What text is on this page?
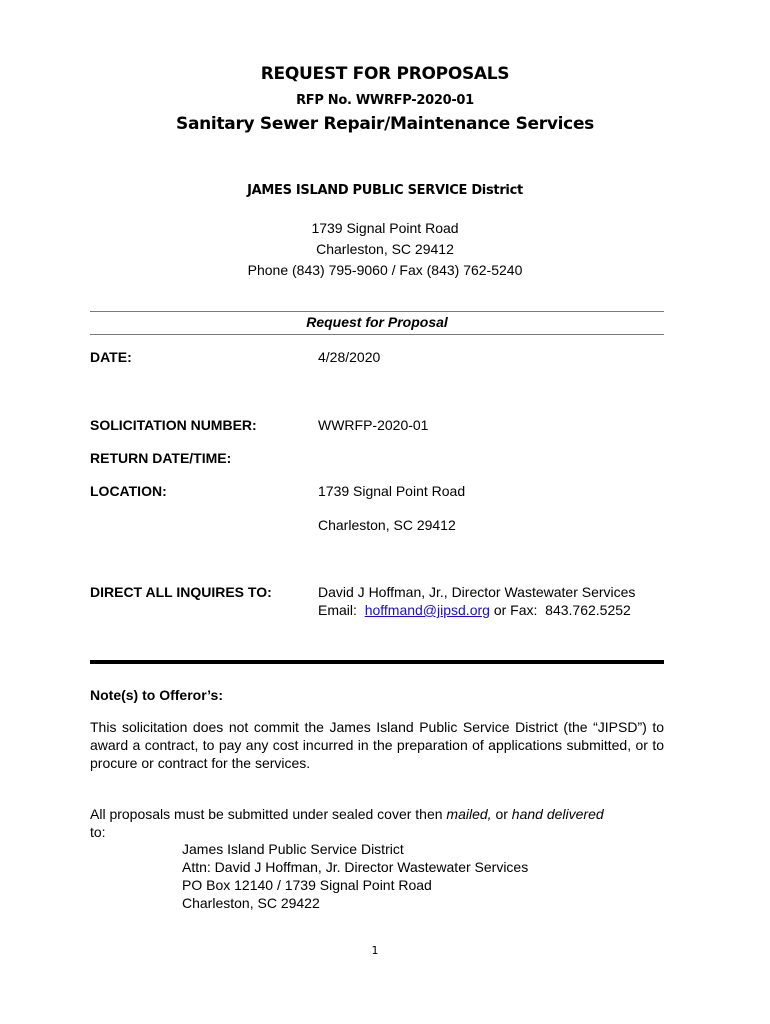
REQUEST FOR PROPOSALS
RFP No. WWRFP-2020-01
Sanitary Sewer Repair/Maintenance Services
JAMES ISLAND PUBLIC SERVICE District
1739 Signal Point Road
Charleston, SC 29412
Phone (843) 795-9060 / Fax (843) 762-5240
Request for Proposal
DATE:	4/28/2020
SOLICITATION NUMBER:	WWRFP-2020-01
RETURN DATE/TIME:
LOCATION:	1739 Signal Point Road
Charleston, SC 29412
DIRECT ALL INQUIRES TO:	David J Hoffman, Jr., Director Wastewater Services
Email:  hoffmand@jipsd.org or Fax:  843.762.5252
Note(s) to Offeror’s:
This solicitation does not commit the James Island Public Service District (the “JIPSD”) to award a contract, to pay any cost incurred in the preparation of applications submitted, or to procure or contract for the services.
All proposals must be submitted under sealed cover then mailed, or hand delivered
to:
James Island Public Service District
Attn: David J Hoffman, Jr. Director Wastewater Services
PO Box 12140 / 1739 Signal Point Road
Charleston, SC 29422
1
